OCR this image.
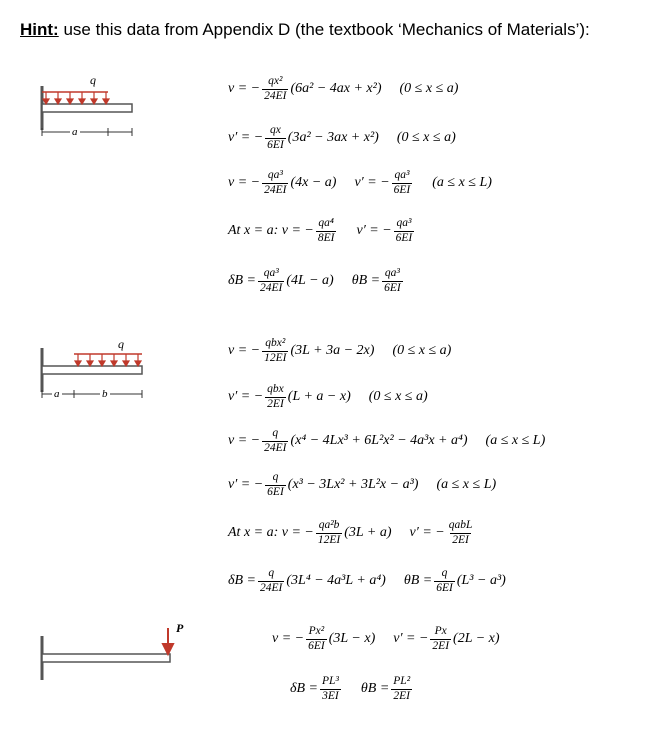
Hint: use this data from Appendix D (the textbook ‘Mechanics of Materials’):
q
a
v = − $\frac{\text{qx²}}{24EI} (6a^2 - 4ax + x^2) (0 \le x \le a)$
v′ = − $\frac{qx}{6EI} (3a^2 - 3ax + x^2) (0 \le x \le a)$
v = − $\frac{\text{qa³}}{24EI} (4x - a) v'$ = − $\frac{\text{qa³}}{6EI} (a \le x \le L)$
At x = a: v = − $\frac{\text{qa⁴}}{8EI} v'$ = − $\frac{\text{qa³}}{6EI}$
$\delta B = \frac{\text{qa³}}{24EI} (4L - a) \theta B = \frac{\text{qa³}}{6EI}$
q
a	b
v = − $\frac{\text{qbx²}}{12EI} (3L + 3a - 2x) (0 \le x \le a)$
v′ = − $\frac{\text{qbx}}{2EI} (L + a - x) (0 \le x \le a)$
v = − $\frac{q}{24EI} (x^4 - 4Lx^3 + 6L^2x^2 - 4a^3x + a^4) (a \le x \le L)$
v′ = − $\frac{q}{6EI} (x^3 - 3Lx^2 + 3L^2x - a^3) (a \le x \le L)$
At x = a: v = − $\frac{\text{qa²b}}{12EI} (3L + a) v'$ = − $\frac{\text{qabL}}{2EI}$
$\delta B = \frac{q}{24EI} (3L^4 - 4a^3L + a^4) \theta B = \frac{q}{6EI} (L^3 - a^3)$
P
v = − $\frac{\text{Px²}}{6EI} (3L - x) v'$ = − $\frac{Px}{2EI} (2L - x)$
$\delta B = \frac{\text{PL³}}{3EI}$ $\theta B = \frac{\text{PL²}}{2EI}$
